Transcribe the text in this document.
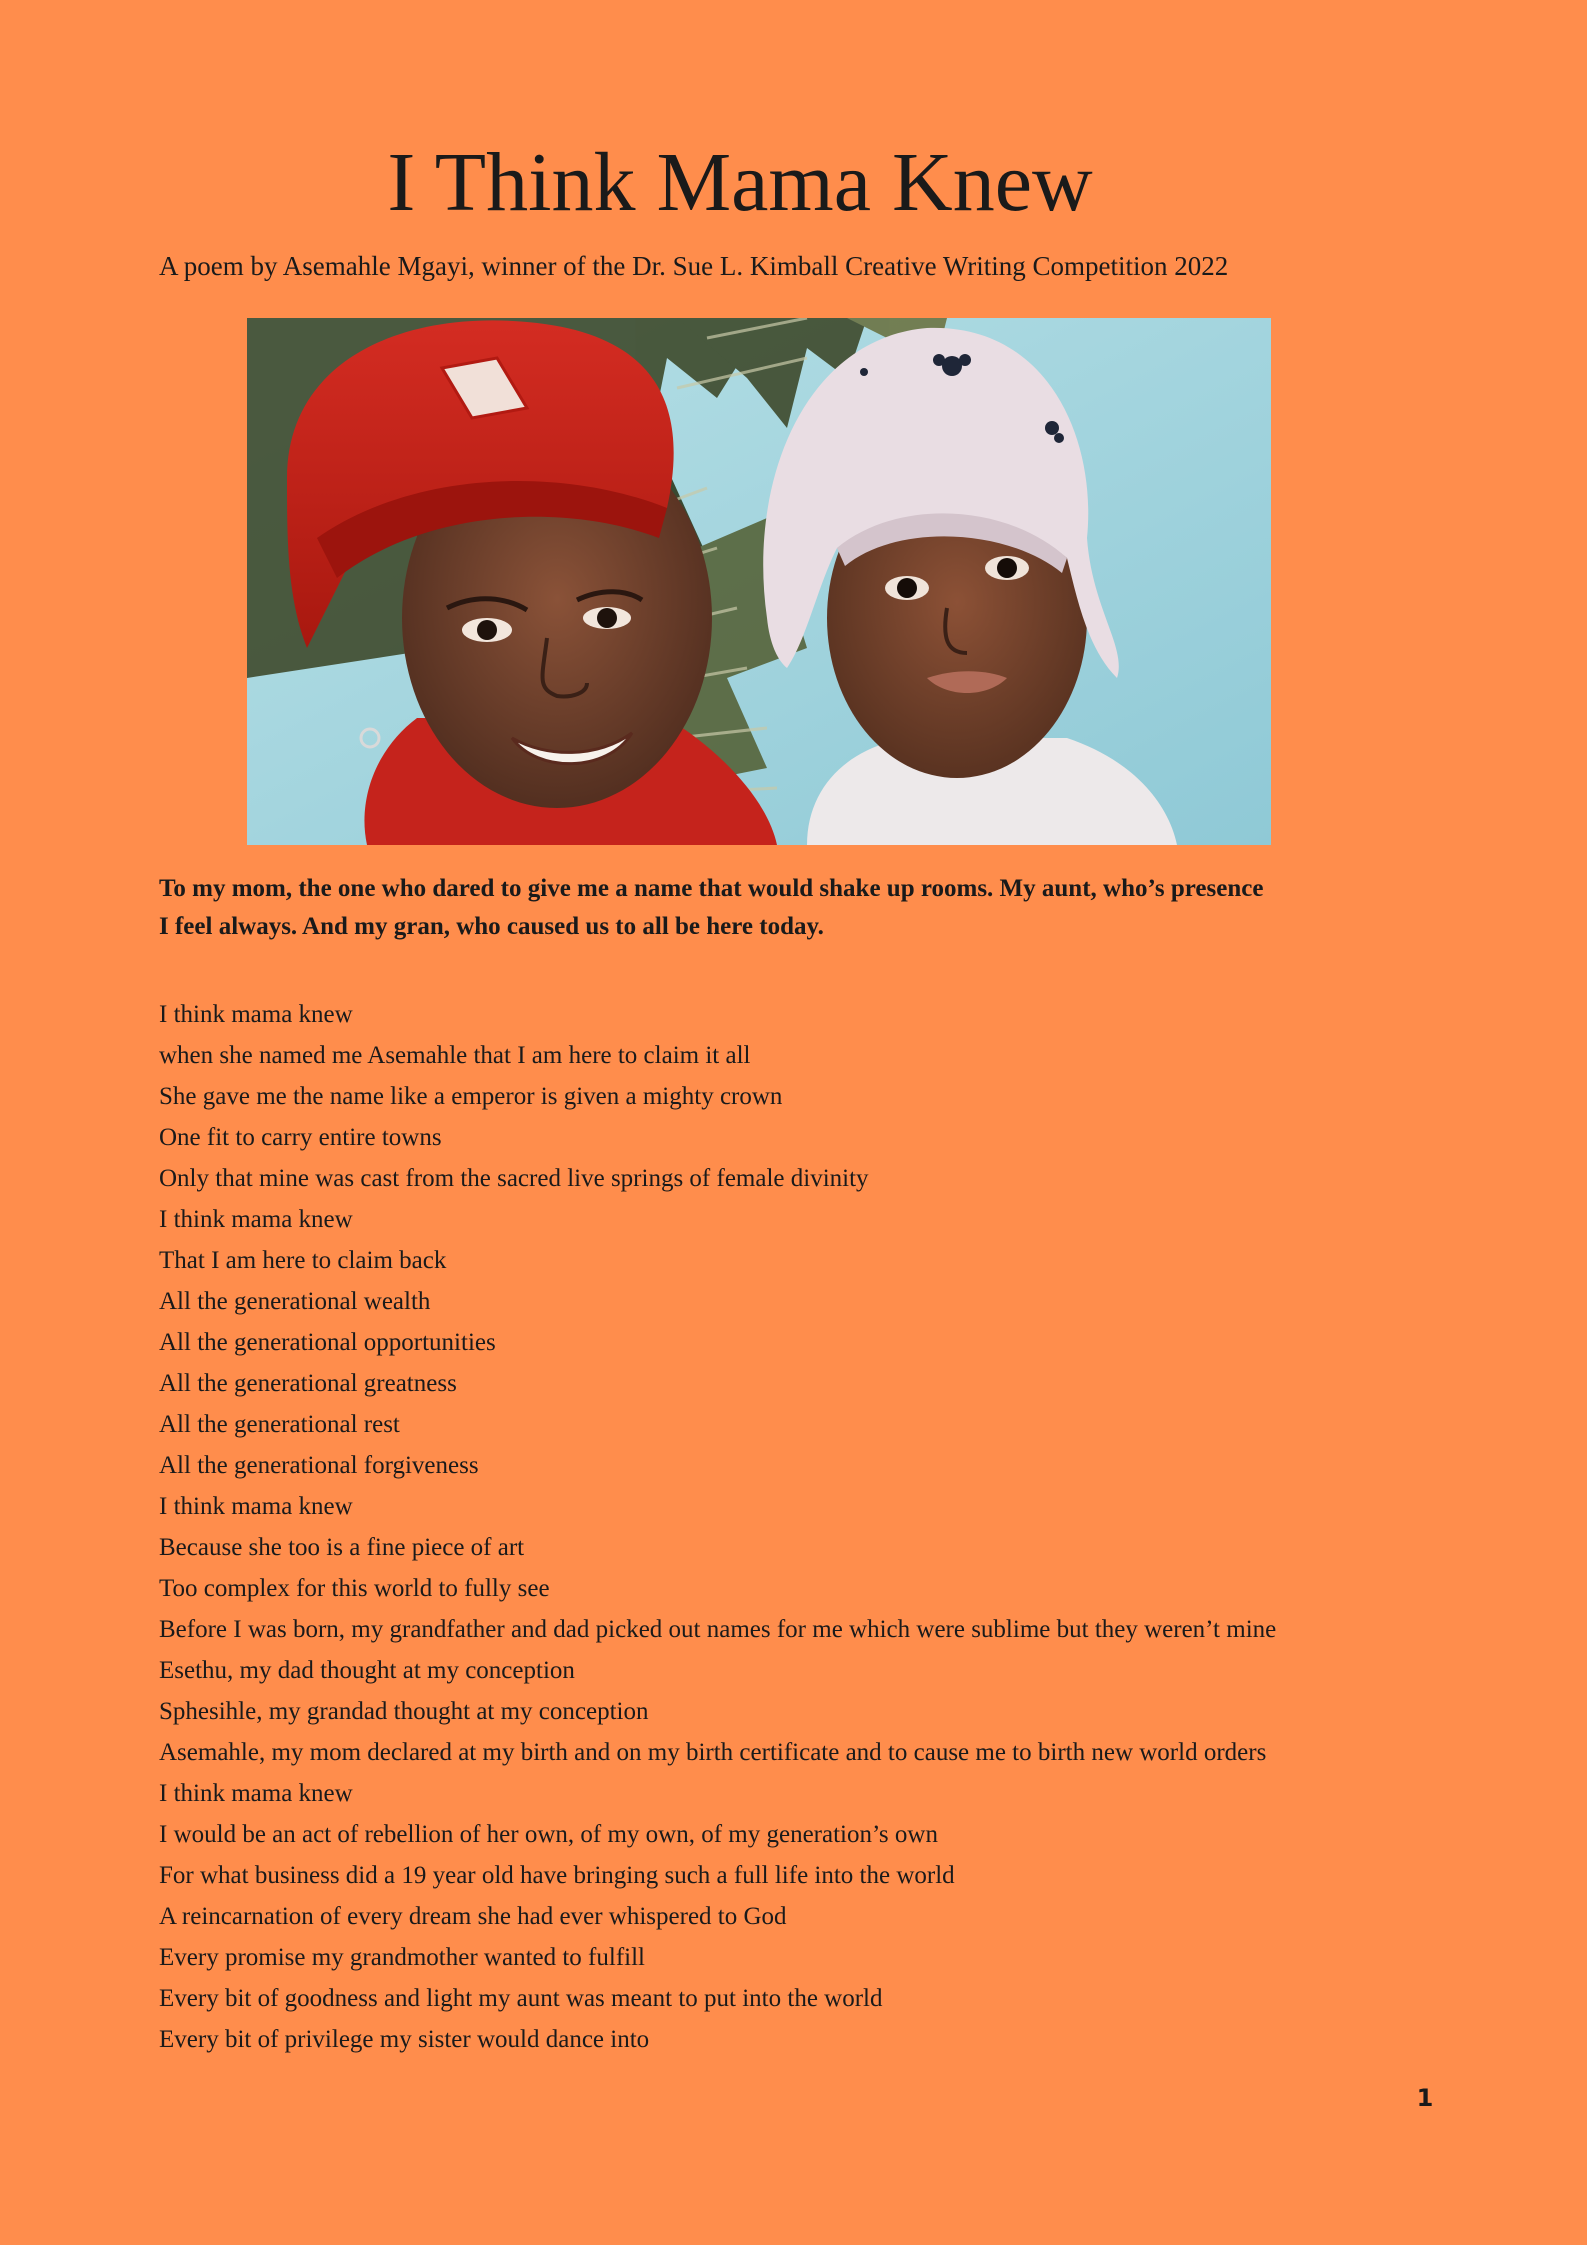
I Think Mama Knew

A poem by Asemahle Mgayi, winner of the Dr. Sue L. Kimball Creative Writing Competition 2022

To my mom, the one who dared to give me a name that would shake up rooms. My aunt, who’s presence I feel always. And my gran, who caused us to all be here today.

I think mama knew
when she named me Asemahle that I am here to claim it all
She gave me the name like a emperor is given a mighty crown
One fit to carry entire towns
Only that mine was cast from the sacred live springs of female divinity
I think mama knew
That I am here to claim back
All the generational wealth
All the generational opportunities
All the generational greatness
All the generational rest
All the generational forgiveness
I think mama knew
Because she too is a fine piece of art
Too complex for this world to fully see
Before I was born, my grandfather and dad picked out names for me which were sublime but they weren’t mine
Esethu, my dad thought at my conception
Sphesihle, my grandad thought at my conception
Asemahle, my mom declared at my birth and on my birth certificate and to cause me to birth new world orders
I think mama knew
I would be an act of rebellion of her own, of my own, of my generation’s own
For what business did a 19 year old have bringing such a full life into the world
A reincarnation of every dream she had ever whispered to God
Every promise my grandmother wanted to fulfill
Every bit of goodness and light my aunt was meant to put into the world
Every bit of privilege my sister would dance into
1
